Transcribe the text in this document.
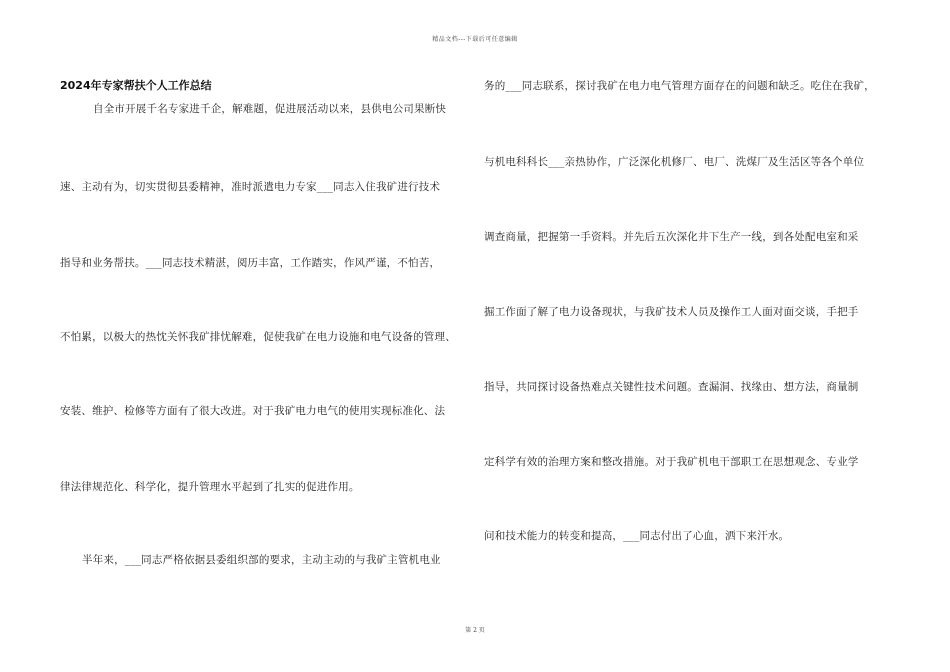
精品文档---下载后可任意编辑
2024年专家帮扶个人工作总结
自全市开展千名专家进千企，解难题，促进展活动以来，县供电公司果断快
速、主动有为，切实贯彻县委精神，准时派遣电力专家___同志入住我矿进行技术
指导和业务帮扶。___同志技术精湛，阅历丰富，工作踏实，作风严谨，不怕苦，
不怕累，以极大的热忱关怀我矿排忧解难，促使我矿在电力设施和电气设备的管理、
安装、维护、检修等方面有了很大改进。对于我矿电力电气的使用实现标准化、法
律法律规范化、科学化，提升管理水平起到了扎实的促进作用。
半年来，___同志严格依据县委组织部的要求，主动主动的与我矿主管机电业
务的___同志联系，探讨我矿在电力电气管理方面存在的问题和缺乏。吃住在我矿，
与机电科科长___亲热协作，广泛深化机修厂、电厂、洗煤厂及生活区等各个单位
调查商量，把握第一手资料。并先后五次深化井下生产一线，到各处配电室和采
掘工作面了解了电力设备现状，与我矿技术人员及操作工人面对面交谈，手把手
指导，共同探讨设备热难点关键性技术问题。查漏洞、找缘由、想方法，商量制
定科学有效的治理方案和整改措施。对于我矿机电干部职工在思想观念、专业学
问和技术能力的转变和提高，___同志付出了心血，洒下来汗水。
第 2 页
